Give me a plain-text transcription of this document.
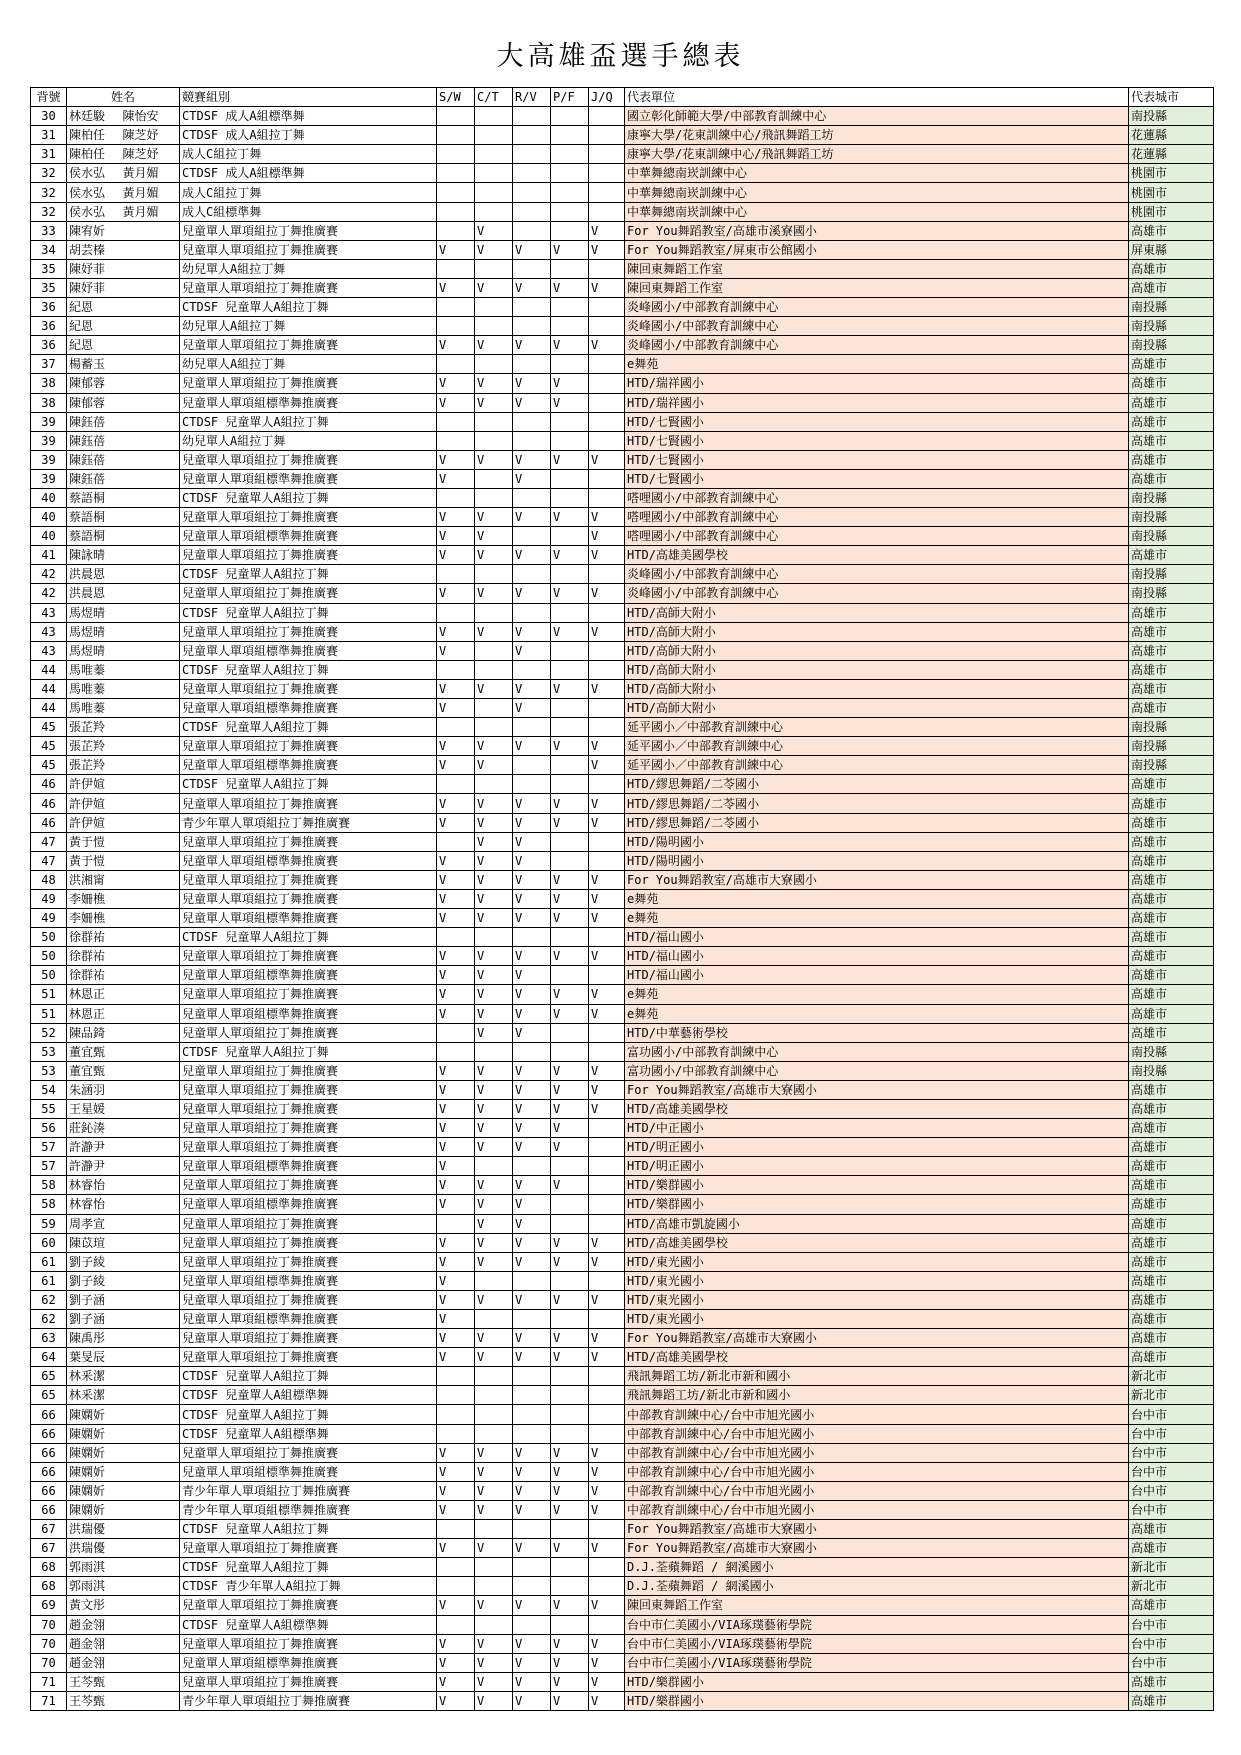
大高雄盃選手總表
背號	姓名		競賽組別	S/W	C/T	R/V	P/F	J/Q	代表單位	代表城市
30	林廷駿	陳怡安	CTDSF 成人A組標準舞						國立彰化師範大學/中部教育訓練中心	南投縣
31	陳柏任	陳芝妤	CTDSF 成人A組拉丁舞						康寧大學/花東訓練中心/飛訊舞蹈工坊	花蓮縣
31	陳柏任	陳芝妤	成人C組拉丁舞						康寧大學/花東訓練中心/飛訊舞蹈工坊	花蓮縣
32	侯水弘	黃月媚	CTDSF 成人A組標準舞						中華舞總南崁訓練中心	桃園市
32	侯水弘	黃月媚	成人C組拉丁舞						中華舞總南崁訓練中心	桃園市
32	侯水弘	黃月媚	成人C組標準舞						中華舞總南崁訓練中心	桃園市
33	陳宥妡		兒童單人單項組拉丁舞推廣賽		V			V	For You舞蹈教室/高雄市溪寮國小	高雄市
34	胡芸榛		兒童單人單項組拉丁舞推廣賽	V	V	V	V	V	For You舞蹈教室/屏東市公館國小	屏東縣
35	陳妤菲		幼兒單人A組拉丁舞						陳回東舞蹈工作室	高雄市
35	陳妤菲		兒童單人單項組拉丁舞推廣賽	V	V	V	V	V	陳回東舞蹈工作室	高雄市
36	紀恩		CTDSF 兒童單人A組拉丁舞						炎峰國小/中部教育訓練中心	南投縣
36	紀恩		幼兒單人A組拉丁舞						炎峰國小/中部教育訓練中心	南投縣
36	紀恩		兒童單人單項組拉丁舞推廣賽	V	V	V	V	V	炎峰國小/中部教育訓練中心	南投縣
37	楊蓄玉		幼兒單人A組拉丁舞						e舞苑	高雄市
38	陳郁蓉		兒童單人單項組拉丁舞推廣賽	V	V	V	V		HTD/瑞祥國小	高雄市
38	陳郁蓉		兒童單人單項組標準舞推廣賽	V	V	V	V		HTD/瑞祥國小	高雄市
39	陳鈺蓓		CTDSF 兒童單人A組拉丁舞						HTD/七賢國小	高雄市
39	陳鈺蓓		幼兒單人A組拉丁舞						HTD/七賢國小	高雄市
39	陳鈺蓓		兒童單人單項組拉丁舞推廣賽	V	V	V	V	V	HTD/七賢國小	高雄市
39	陳鈺蓓		兒童單人單項組標準舞推廣賽	V		V			HTD/七賢國小	高雄市
40	蔡語桐		CTDSF 兒童單人A組拉丁舞						嗒哩國小/中部教育訓練中心	南投縣
40	蔡語桐		兒童單人單項組拉丁舞推廣賽	V	V	V	V	V	嗒哩國小/中部教育訓練中心	南投縣
40	蔡語桐		兒童單人單項組標準舞推廣賽	V	V			V	嗒哩國小/中部教育訓練中心	南投縣
41	陳詠晴		兒童單人單項組拉丁舞推廣賽	V	V	V	V	V	HTD/高雄美國學校	高雄市
42	洪晨恩		CTDSF 兒童單人A組拉丁舞						炎峰國小/中部教育訓練中心	南投縣
42	洪晨恩		兒童單人單項組拉丁舞推廣賽	V	V	V	V	V	炎峰國小/中部教育訓練中心	南投縣
43	馬煜晴		CTDSF 兒童單人A組拉丁舞						HTD/高師大附小	高雄市
43	馬煜晴		兒童單人單項組拉丁舞推廣賽	V	V	V	V	V	HTD/高師大附小	高雄市
43	馬煜晴		兒童單人單項組標準舞推廣賽	V		V			HTD/高師大附小	高雄市
44	馬唯蓁		CTDSF 兒童單人A組拉丁舞						HTD/高師大附小	高雄市
44	馬唯蓁		兒童單人單項組拉丁舞推廣賽	V	V	V	V	V	HTD/高師大附小	高雄市
44	馬唯蓁		兒童單人單項組標準舞推廣賽	V		V			HTD/高師大附小	高雄市
45	張芷羚		CTDSF 兒童單人A組拉丁舞						延平國小／中部教育訓練中心	南投縣
45	張芷羚		兒童單人單項組拉丁舞推廣賽	V	V	V	V	V	延平國小／中部教育訓練中心	南投縣
45	張芷羚		兒童單人單項組標準舞推廣賽	V	V			V	延平國小／中部教育訓練中心	南投縣
46	許伊媗		CTDSF 兒童單人A組拉丁舞						HTD/繆思舞蹈/二苓國小	高雄市
46	許伊媗		兒童單人單項組拉丁舞推廣賽	V	V	V	V	V	HTD/繆思舞蹈/二苓國小	高雄市
46	許伊媗		青少年單人單項組拉丁舞推廣賽	V	V	V	V	V	HTD/繆思舞蹈/二苓國小	高雄市
47	黃于愷		兒童單人單項組拉丁舞推廣賽		V	V			HTD/陽明國小	高雄市
47	黃于愷		兒童單人單項組標準舞推廣賽	V	V	V			HTD/陽明國小	高雄市
48	洪湘甯		兒童單人單項組拉丁舞推廣賽	V	V	V	V	V	For You舞蹈教室/高雄市大寮國小	高雄市
49	李姍樵		兒童單人單項組拉丁舞推廣賽	V	V	V	V	V	e舞苑	高雄市
49	李姍樵		兒童單人單項組標準舞推廣賽	V	V	V	V	V	e舞苑	高雄市
50	徐群祐		CTDSF 兒童單人A組拉丁舞						HTD/福山國小	高雄市
50	徐群祐		兒童單人單項組拉丁舞推廣賽	V	V	V	V	V	HTD/福山國小	高雄市
50	徐群祐		兒童單人單項組標準舞推廣賽	V	V	V			HTD/福山國小	高雄市
51	林恩正		兒童單人單項組拉丁舞推廣賽	V	V	V	V	V	e舞苑	高雄市
51	林恩正		兒童單人單項組標準舞推廣賽	V	V	V	V	V	e舞苑	高雄市
52	陳品錡		兒童單人單項組拉丁舞推廣賽		V	V			HTD/中華藝術學校	高雄市
53	董宜甄		CTDSF 兒童單人A組拉丁舞						富功國小/中部教育訓練中心	南投縣
53	董宜甄		兒童單人單項組拉丁舞推廣賽	V	V	V	V	V	富功國小/中部教育訓練中心	南投縣
54	朱涵羽		兒童單人單項組拉丁舞推廣賽	V	V	V	V	V	For You舞蹈教室/高雄市大寮國小	高雄市
55	王星媛		兒童單人單項組拉丁舞推廣賽	V	V	V	V	V	HTD/高雄美國學校	高雄市
56	莊鈊湊		兒童單人單項組拉丁舞推廣賽	V	V	V	V		HTD/中正國小	高雄市
57	許瀞尹		兒童單人單項組拉丁舞推廣賽	V	V	V	V		HTD/明正國小	高雄市
57	許瀞尹		兒童單人單項組標準舞推廣賽	V					HTD/明正國小	高雄市
58	林睿怡		兒童單人單項組拉丁舞推廣賽	V	V	V	V		HTD/樂群國小	高雄市
58	林睿怡		兒童單人單項組標準舞推廣賽	V	V	V			HTD/樂群國小	高雄市
59	周孝宣		兒童單人單項組拉丁舞推廣賽		V	V			HTD/高雄市凱旋國小	高雄市
60	陳苡瑄		兒童單人單項組拉丁舞推廣賽	V	V	V	V	V	HTD/高雄美國學校	高雄市
61	劉子綾		兒童單人單項組拉丁舞推廣賽	V	V	V	V	V	HTD/東光國小	高雄市
61	劉子綾		兒童單人單項組標準舞推廣賽	V					HTD/東光國小	高雄市
62	劉子涵		兒童單人單項組拉丁舞推廣賽	V	V	V	V	V	HTD/東光國小	高雄市
62	劉子涵		兒童單人單項組標準舞推廣賽	V					HTD/東光國小	高雄市
63	陳禹彤		兒童單人單項組拉丁舞推廣賽	V	V	V	V	V	For You舞蹈教室/高雄市大寮國小	高雄市
64	葉旻辰		兒童單人單項組拉丁舞推廣賽	V	V	V	V	V	HTD/高雄美國學校	高雄市
65	林釆潔		CTDSF 兒童單人A組拉丁舞						飛訊舞蹈工坊/新北市新和國小	新北市
65	林釆潔		CTDSF 兒童單人A組標準舞						飛訊舞蹈工坊/新北市新和國小	新北市
66	陳嫻妡		CTDSF 兒童單人A組拉丁舞						中部教育訓練中心/台中市旭光國小	台中市
66	陳嫻妡		CTDSF 兒童單人A組標準舞						中部教育訓練中心/台中市旭光國小	台中市
66	陳嫻妡		兒童單人單項組拉丁舞推廣賽	V	V	V	V	V	中部教育訓練中心/台中市旭光國小	台中市
66	陳嫻妡		兒童單人單項組標準舞推廣賽	V	V	V	V	V	中部教育訓練中心/台中市旭光國小	台中市
66	陳嫻妡		青少年單人單項組拉丁舞推廣賽	V	V	V	V	V	中部教育訓練中心/台中市旭光國小	台中市
66	陳嫻妡		青少年單人單項組標準舞推廣賽	V	V	V	V	V	中部教育訓練中心/台中市旭光國小	台中市
67	洪瑞優		CTDSF 兒童單人A組拉丁舞						For You舞蹈教室/高雄市大寮國小	高雄市
67	洪瑞優		兒童單人單項組拉丁舞推廣賽	V	V	V	V	V	For You舞蹈教室/高雄市大寮國小	高雄市
68	郭雨淇		CTDSF 兒童單人A組拉丁舞						D.J.荃蘋舞蹈 / 網溪國小	新北市
68	郭雨淇		CTDSF 青少年單人A組拉丁舞						D.J.荃蘋舞蹈 / 網溪國小	新北市
69	黃文彤		兒童單人單項組拉丁舞推廣賽	V	V	V	V	V	陳回東舞蹈工作室	高雄市
70	趙金翎		CTDSF 兒童單人A組標準舞						台中市仁美國小/VIA琢璞藝術學院	台中市
70	趙金翎		兒童單人單項組拉丁舞推廣賽	V	V	V	V	V	台中市仁美國小/VIA琢璞藝術學院	台中市
70	趙金翎		兒童單人單項組標準舞推廣賽	V	V	V	V	V	台中市仁美國小/VIA琢璞藝術學院	台中市
71	王芩甄		兒童單人單項組拉丁舞推廣賽	V	V	V	V	V	HTD/樂群國小	高雄市
71	王芩甄		青少年單人單項組拉丁舞推廣賽	V	V	V	V	V	HTD/樂群國小	高雄市
